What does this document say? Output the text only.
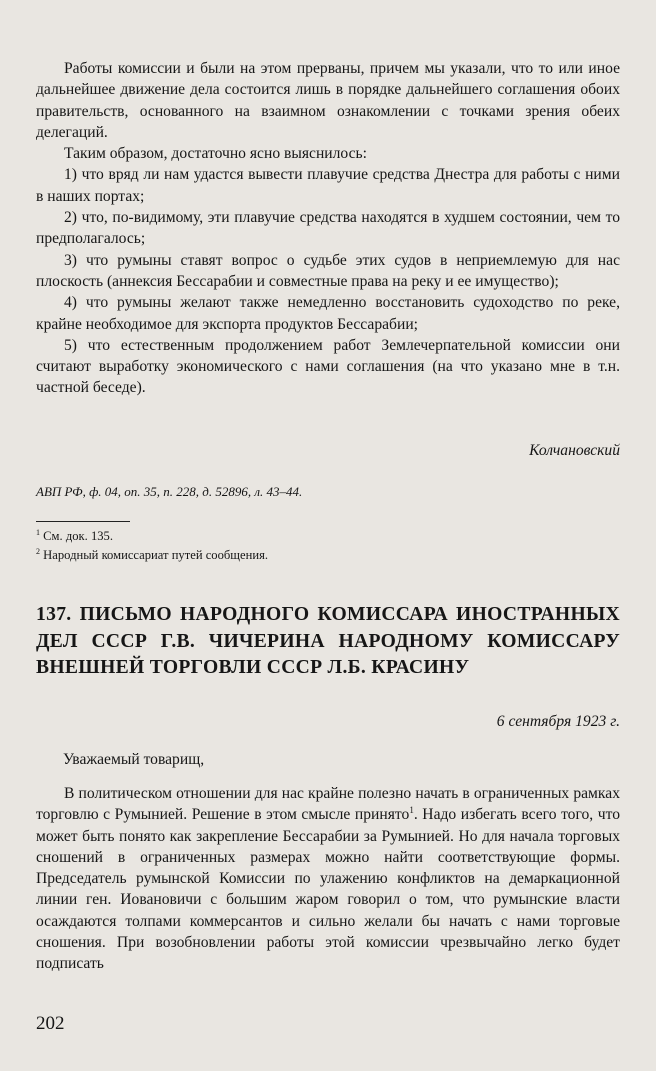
Работы комиссии и были на этом прерваны, причем мы указали, что то или иное дальнейшее движение дела состоится лишь в порядке дальнейшего соглашения обоих правительств, основанного на взаимном ознакомлении с точками зрения обеих делегаций.

Таким образом, достаточно ясно выяснилось:

1) что вряд ли нам удастся вывести плавучие средства Днестра для работы с ними в наших портах;

2) что, по-видимому, эти плавучие средства находятся в худшем состоянии, чем то предполагалось;

3) что румыны ставят вопрос о судьбе этих судов в неприемлемую для нас плоскость (аннексия Бессарабии и совместные права на реку и ее имущество);

4) что румыны желают также немедленно восстановить судоходство по реке, крайне необходимое для экспорта продуктов Бессарабии;

5) что естественным продолжением работ Землечерпательной комиссии они считают выработку экономического с нами соглашения (на что указано мне в т.н. частной беседе).

Колчановский
АВП РФ, ф. 04, оп. 35, п. 228, д. 52896, л. 43–44.
$^1$ См. док. 135.
$^2$ Народный комиссариат путей сообщения.
137. ПИСЬМО НАРОДНОГО КОМИССАРА ИНОСТРАННЫХ ДЕЛ СССР Г.В. ЧИЧЕРИНА НАРОДНОМУ КОМИССАРУ ВНЕШНЕЙ ТОРГОВЛИ СССР Л.Б. КРАСИНУ
6 сентября 1923 г.
Уважаемый товарищ,

В политическом отношении для нас крайне полезно начать в ограниченных рамках торговлю с Румынией. Решение в этом смысле принято$^1$. Надо избегать всего того, что может быть понято как закрепление Бессарабии за Румынией. Но для начала торговых сношений в ограниченных размерах можно найти соответствующие формы. Председатель румынской Комиссии по улажению конфликтов на демаркационной линии ген. Иовановичи с большим жаром говорил о том, что румынские власти осаждаются толпами коммерсантов и сильно желали бы начать с нами торговые сношения. При возобновлении работы этой комиссии чрезвычайно легко будет подписать

202
